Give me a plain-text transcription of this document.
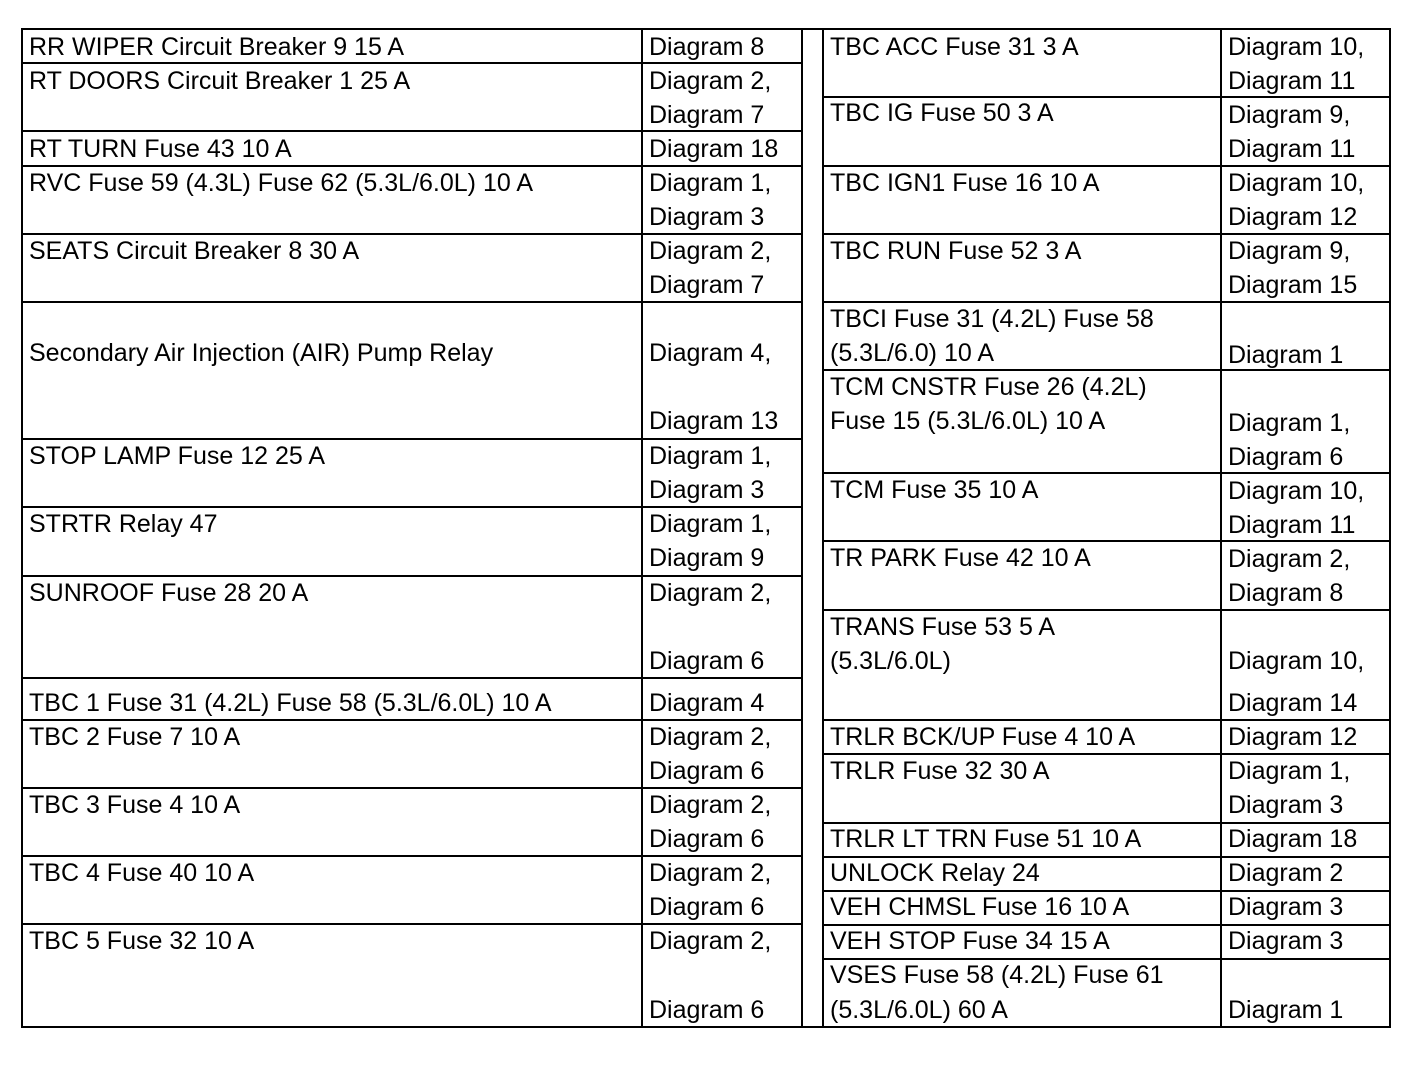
RR WIPER Circuit Breaker 9 15 A	Diagram 8
RT DOORS Circuit Breaker 1 25 A	Diagram 2,
Diagram 7
RT TURN Fuse 43 10 A	Diagram 18
RVC Fuse 59 (4.3L) Fuse 62 (5.3L/6.0L) 10 A	Diagram 1,
Diagram 3
SEATS Circuit Breaker 8 30 A	Diagram 2,
Diagram 7
Secondary Air Injection (AIR) Pump Relay	Diagram 4,
Diagram 13
STOP LAMP Fuse 12 25 A	Diagram 1,
Diagram 3
STRTR Relay 47	Diagram 1,
Diagram 9
SUNROOF Fuse 28 20 A	Diagram 2,
Diagram 6
TBC 1 Fuse 31 (4.2L) Fuse 58 (5.3L/6.0L) 10 A	Diagram 4
TBC 2 Fuse 7 10 A	Diagram 2,
Diagram 6
TBC 3 Fuse 4 10 A	Diagram 2,
Diagram 6
TBC 4 Fuse 40 10 A	Diagram 2,
Diagram 6
TBC 5 Fuse 32 10 A	Diagram 2,
Diagram 6
TBC ACC Fuse 31 3 A	Diagram 10,
Diagram 11
TBC IG Fuse 50 3 A	Diagram 9,
Diagram 11
TBC IGN1 Fuse 16 10 A	Diagram 10,
Diagram 12
TBC RUN Fuse 52 3 A	Diagram 9,
Diagram 15
TBCI Fuse 31 (4.2L) Fuse 58
(5.3L/6.0) 10 A	Diagram 1
TCM CNSTR Fuse 26 (4.2L)
Fuse 15 (5.3L/6.0L) 10 A	Diagram 1,
Diagram 6
TCM Fuse 35 10 A	Diagram 10,
Diagram 11
TR PARK Fuse 42 10 A	Diagram 2,
Diagram 8
TRANS Fuse 53 5 A
(5.3L/6.0L)	Diagram 10,
Diagram 14
TRLR BCK/UP Fuse 4 10 A	Diagram 12
TRLR Fuse 32 30 A	Diagram 1,
Diagram 3
TRLR LT TRN Fuse 51 10 A	Diagram 18
UNLOCK Relay 24	Diagram 2
VEH CHMSL Fuse 16 10 A	Diagram 3
VEH STOP Fuse 34 15 A	Diagram 3
VSES Fuse 58 (4.2L) Fuse 61
(5.3L/6.0L) 60 A	Diagram 1
